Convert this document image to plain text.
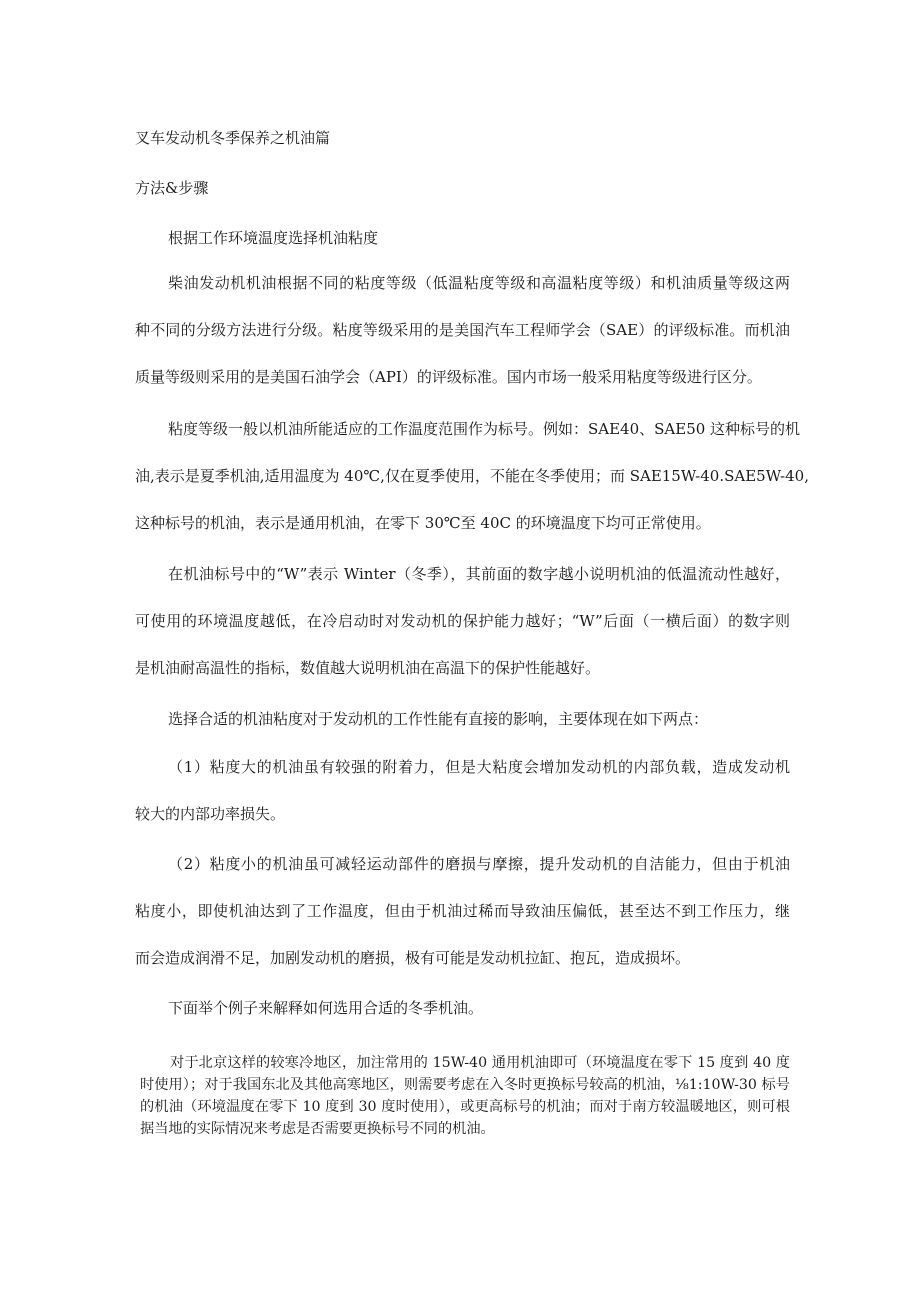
叉车发动机冬季保养之机油篇
方法&步骤
根据工作环境温度选择机油粘度
柴油发动机机油根据不同的粘度等级（低温粘度等级和高温粘度等级）和机油质量等级这两
种不同的分级方法进行分级。粘度等级采用的是美国汽车工程师学会（SAE）的评级标准。而机油
质量等级则采用的是美国石油学会（API）的评级标准。国内市场一般采用粘度等级进行区分。
粘度等级一般以机油所能适应的工作温度范围作为标号。例如：SAE40、SAE50 这种标号的机
油,表示是夏季机油,适用温度为 40℃,仅在夏季使用，不能在冬季使用；而 SAE15W-40.SAE5W-40,
这种标号的机油，表示是通用机油，在零下 30℃至 40C 的环境温度下均可正常使用。
在机油标号中的“W”表示 Winter（冬季），其前面的数字越小说明机油的低温流动性越好，
可使用的环境温度越低，在冷启动时对发动机的保护能力越好；“W”后面（一横后面）的数字则
是机油耐高温性的指标，数值越大说明机油在高温下的保护性能越好。
选择合适的机油粘度对于发动机的工作性能有直接的影响，主要体现在如下两点：
（1）粘度大的机油虽有较强的附着力，但是大粘度会增加发动机的内部负载，造成发动机
较大的内部功率损失。
（2）粘度小的机油虽可减轻运动部件的磨损与摩擦，提升发动机的自洁能力，但由于机油
粘度小，即使机油达到了工作温度，但由于机油过稀而导致油压偏低，甚至达不到工作压力，继
而会造成润滑不足，加剧发动机的磨损，极有可能是发动机拉缸、抱瓦，造成损坏。
下面举个例子来解释如何选用合适的冬季机油。
对于北京这样的较寒冷地区，加注常用的 15W-40 通用机油即可（环境温度在零下 15 度到 40 度时使用）；对于我国东北及其他高寒地区，则需要考虑在入冬时更换标号较高的机油，⅛1:10W-30 标号的机油（环境温度在零下 10 度到 30 度时使用），或更高标号的机油；而对于南方较温暖地区，则可根据当地的实际情况来考虑是否需要更换标号不同的机油。
